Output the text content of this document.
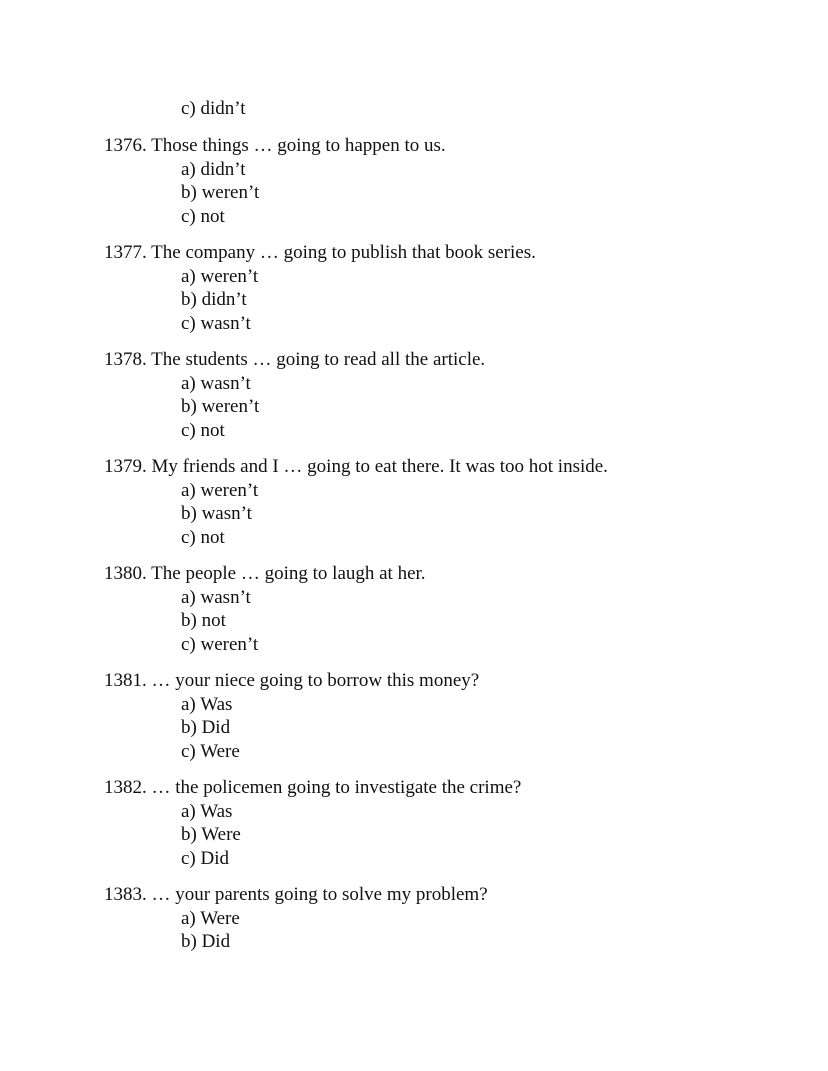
c) didn’t
1376. Those things … going to happen to us.
a) didn’t
b) weren’t
c) not
1377. The company … going to publish that book series.
a) weren’t
b) didn’t
c) wasn’t
1378. The students … going to read all the article.
a) wasn’t
b) weren’t
c) not
1379. My friends and I … going to eat there. It was too hot inside.
a) weren’t
b) wasn’t
c) not
1380. The people … going to laugh at her.
a) wasn’t
b) not
c) weren’t
1381. … your niece going to borrow this money?
a) Was
b) Did
c) Were
1382. … the policemen going to investigate the crime?
a) Was
b) Were
c) Did
1383. … your parents going to solve my problem?
a) Were
b) Did
